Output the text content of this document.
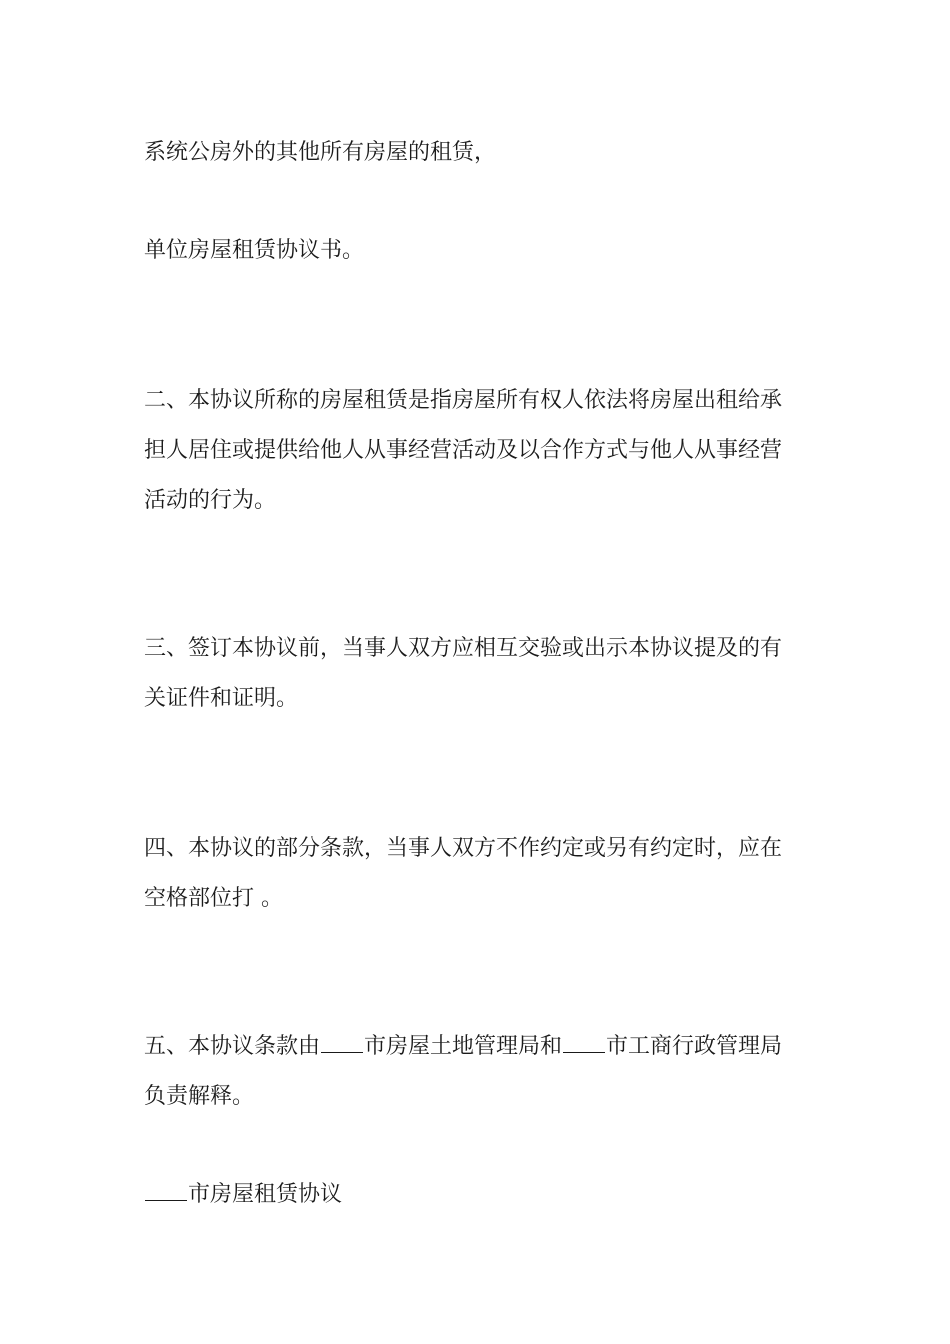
系统公房外的其他所有房屋的租赁，

单位房屋租赁协议书。

二、本协议所称的房屋租赁是指房屋所有权人依法将房屋出租给承
担人居住或提供给他人从事经营活动及以合作方式与他人从事经营
活动的行为。

三、签订本协议前，当事人双方应相互交验或出示本协议提及的有
关证件和证明。

四、本协议的部分条款，当事人双方不作约定或另有约定时，应在
空格部位打 。

五、本协议条款由 市房屋土地管理局和 市工商行政管理局
负责解释。

市房屋租赁协议
